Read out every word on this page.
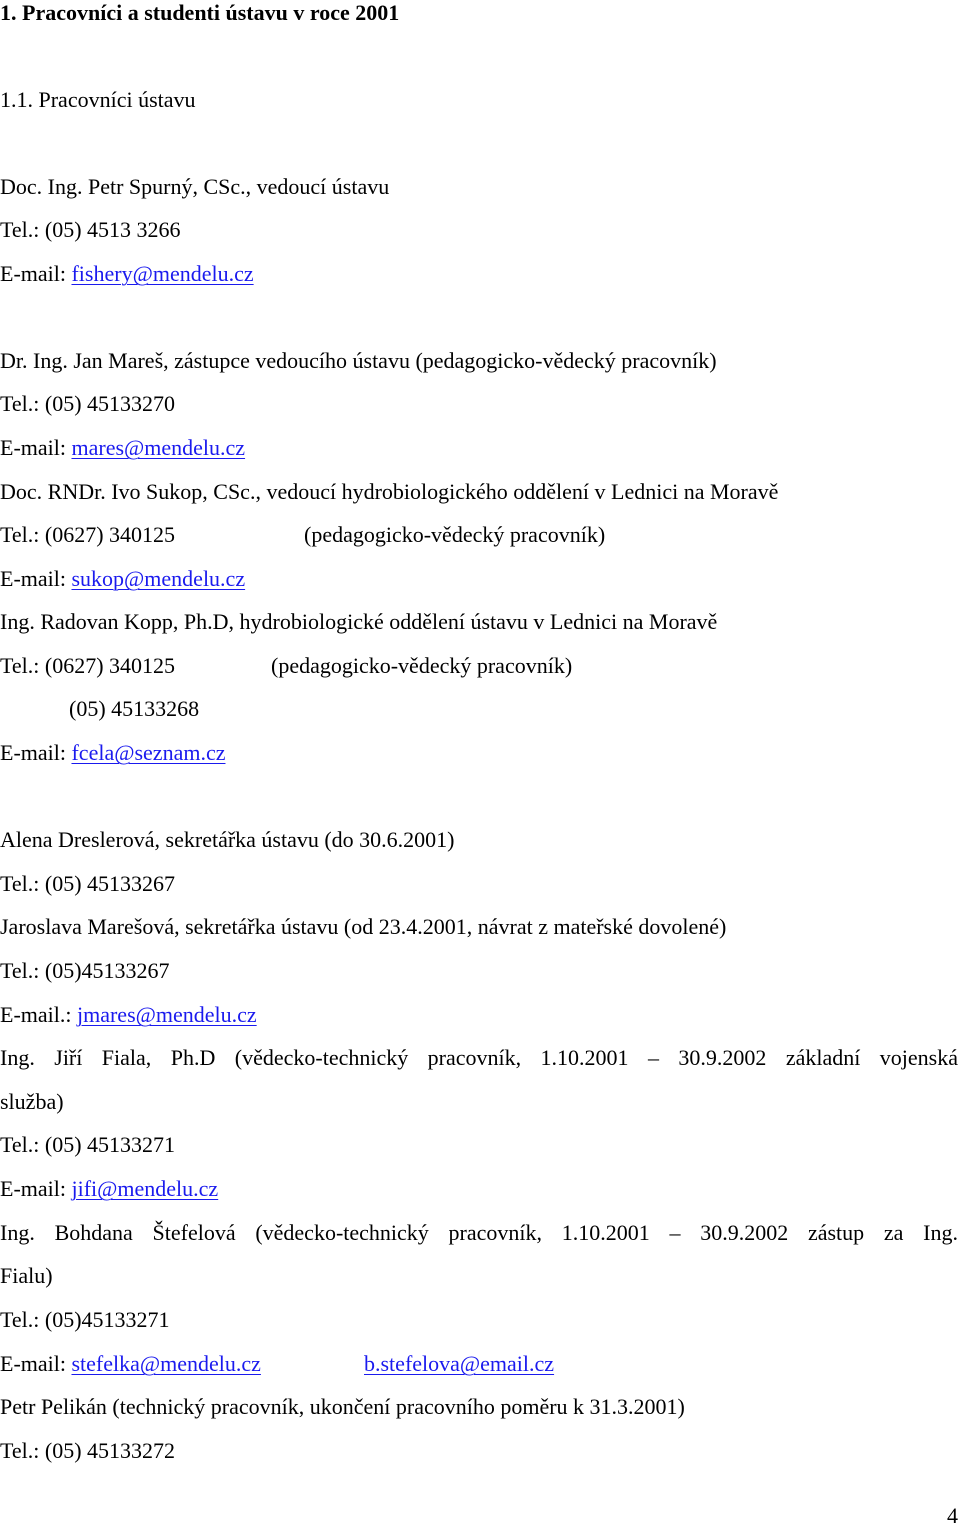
1. Pracovníci a studenti ústavu v roce 2001
1.1. Pracovníci ústavu
Doc. Ing. Petr Spurný, CSc., vedoucí ústavu
Tel.: (05) 4513 3266
E-mail: fishery@mendelu.cz
Dr. Ing. Jan Mareš, zástupce vedoucího ústavu (pedagogicko-vědecký pracovník)
Tel.: (05) 45133270
E-mail: mares@mendelu.cz
Doc. RNDr. Ivo Sukop, CSc., vedoucí hydrobiologického oddělení v Lednici na Moravě
Tel.: (0627) 340125	(pedagogicko-vědecký pracovník)
E-mail: sukop@mendelu.cz
Ing. Radovan Kopp, Ph.D, hydrobiologické oddělení ústavu v Lednici na Moravě
Tel.: (0627) 340125	(pedagogicko-vědecký pracovník)
(05) 45133268
E-mail: fcela@seznam.cz
Alena Dreslerová, sekretářka ústavu (do 30.6.2001)
Tel.: (05) 45133267
Jaroslava Marešová, sekretářka ústavu (od 23.4.2001, návrat z mateřské dovolené)
Tel.: (05)45133267
E-mail.: jmares@mendelu.cz
Ing. Jiří Fiala, Ph.D (vědecko-technický pracovník, 1.10.2001 – 30.9.2002 základní vojenská
služba)
Tel.: (05) 45133271
E-mail: jifi@mendelu.cz
Ing. Bohdana Štefelová (vědecko-technický pracovník, 1.10.2001 – 30.9.2002 zástup za Ing.
Fialu)
Tel.: (05)45133271
E-mail: stefelka@mendelu.cz	b.stefelova@email.cz
Petr Pelikán (technický pracovník, ukončení pracovního poměru k 31.3.2001)
Tel.: (05) 45133272
4
